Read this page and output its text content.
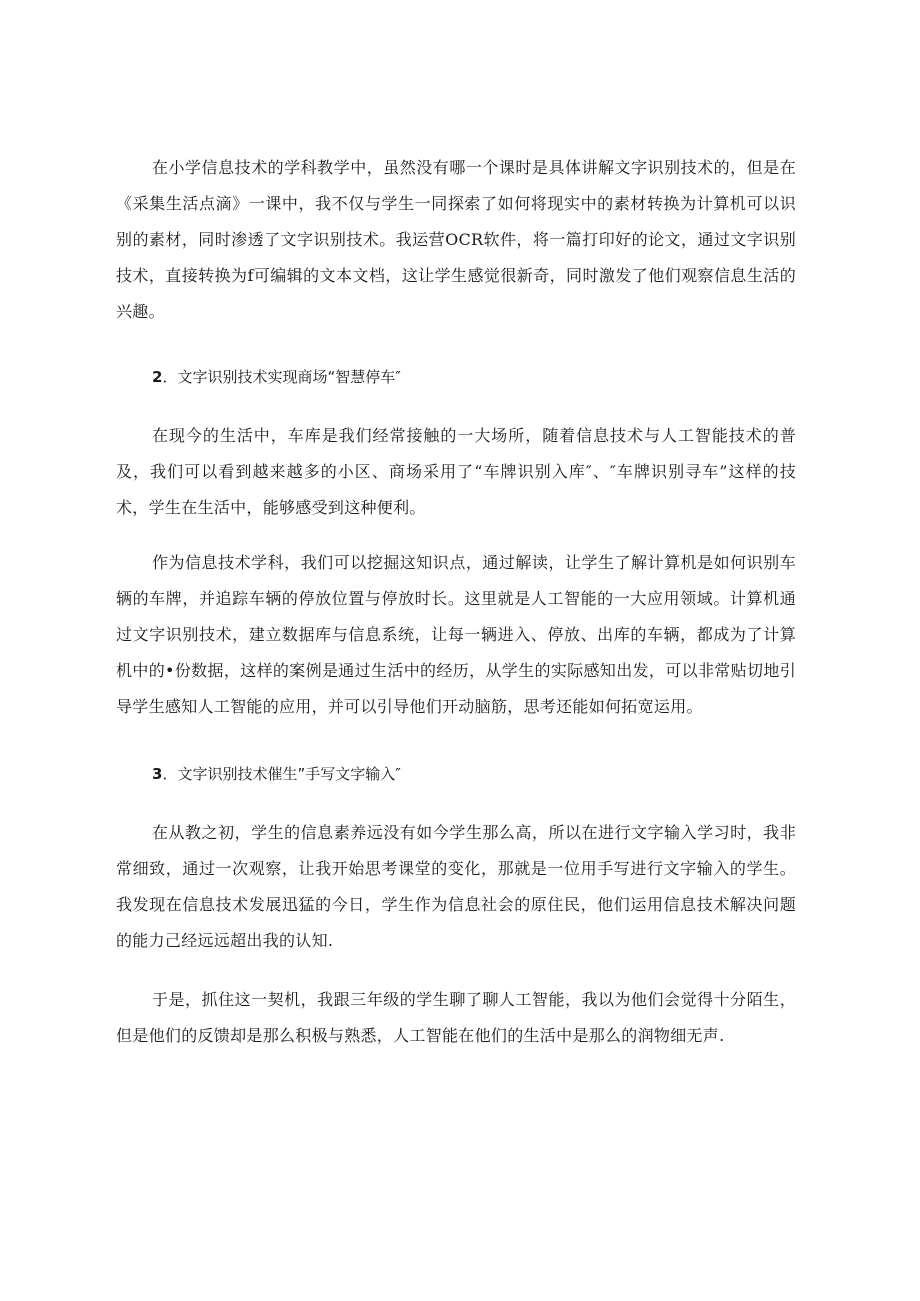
在小学信息技术的学科教学中，虽然没有哪一个课时是具体讲解文字识别技术的，但是在《采集生活点滴》一课中，我不仅与学生一同探索了如何将现实中的素材转换为计算机可以识别的素材，同时渗透了文字识别技术。我运营OCR软件，将一篇打印好的论文，通过文字识别技术，直接转换为f可编辑的文本文档，这让学生感觉很新奇，同时激发了他们观察信息生活的兴趣。

2．文字识别技术实现商场“智慧停车″

在现今的生活中，车库是我们经常接触的一大场所，随着信息技术与人工智能技术的普及，我们可以看到越来越多的小区、商场采用了“车牌识别入库″、″车牌识别寻车”这样的技术，学生在生活中，能够感受到这种便利。

作为信息技术学科，我们可以挖掘这知识点，通过解读，让学生了解计算机是如何识别车辆的车牌，并追踪车辆的停放位置与停放时长。这里就是人工智能的一大应用领域。计算机通过文字识别技术，建立数据库与信息系统，让每一辆进入、停放、出库的车辆，都成为了计算机中的•份数据，这样的案例是通过生活中的经历，从学生的实际感知出发，可以非常贴切地引导学生感知人工智能的应用，并可以引导他们开动脑筋，思考还能如何拓宽运用。

3．文字识别技术催生”手写文字输入″

在从教之初，学生的信息素养远没有如今学生那么高，所以在进行文字输入学习时，我非常细致，通过一次观察，让我开始思考课堂的变化，那就是一位用手写进行文字输入的学生。我发现在信息技术发展迅猛的今日，学生作为信息社会的原住民，他们运用信息技术解决问题的能力己经远远超出我的认知.

于是，抓住这一契机，我跟三年级的学生聊了聊人工智能，我以为他们会觉得十分陌生，但是他们的反馈却是那么积极与熟悉，人工智能在他们的生活中是那么的润物细无声.
